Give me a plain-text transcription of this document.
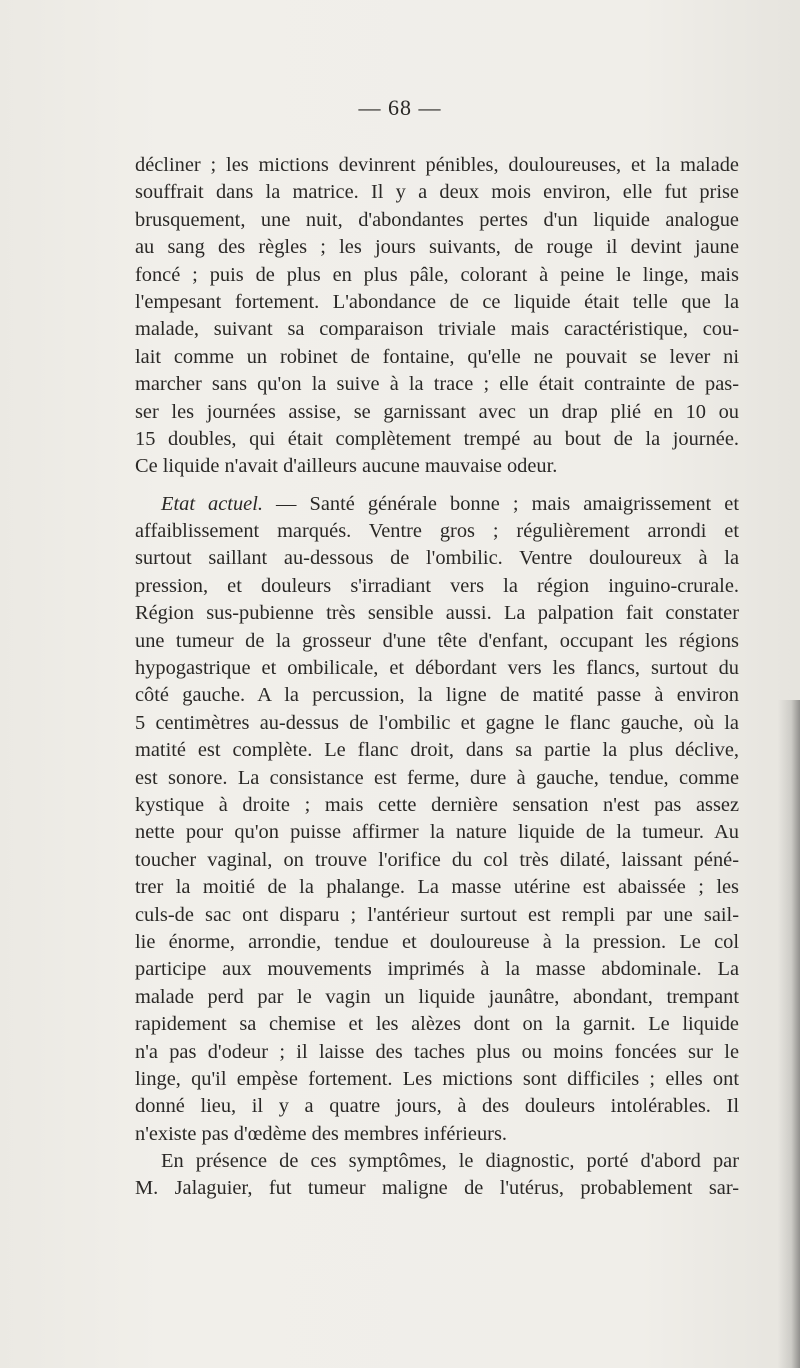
— 68 —
décliner ; les mictions devinrent pénibles, douloureuses, et la malade
souffrait dans la matrice. Il y a deux mois environ, elle fut prise
brusquement, une nuit, d'abondantes pertes d'un liquide analogue
au sang des règles ; les jours suivants, de rouge il devint jaune
foncé ; puis de plus en plus pâle, colorant à peine le linge, mais
l'empesant fortement. L'abondance de ce liquide était telle que la
malade, suivant sa comparaison triviale mais caractéristique, cou-
lait comme un robinet de fontaine, qu'elle ne pouvait se lever ni
marcher sans qu'on la suive à la trace ; elle était contrainte de pas-
ser les journées assise, se garnissant avec un drap plié en 10 ou
15 doubles, qui était complètement trempé au bout de la journée.
Ce liquide n'avait d'ailleurs aucune mauvaise odeur.
Etat actuel. — Santé générale bonne ; mais amaigrissement et
affaiblissement marqués. Ventre gros ; régulièrement arrondi et
surtout saillant au-dessous de l'ombilic. Ventre douloureux à la
pression, et douleurs s'irradiant vers la région inguino-crurale.
Région sus-pubienne très sensible aussi. La palpation fait constater
une tumeur de la grosseur d'une tête d'enfant, occupant les régions
hypogastrique et ombilicale, et débordant vers les flancs, surtout du
côté gauche. A la percussion, la ligne de matité passe à environ
5 centimètres au-dessus de l'ombilic et gagne le flanc gauche, où la
matité est complète. Le flanc droit, dans sa partie la plus déclive,
est sonore. La consistance est ferme, dure à gauche, tendue, comme
kystique à droite ; mais cette dernière sensation n'est pas assez
nette pour qu'on puisse affirmer la nature liquide de la tumeur. Au
toucher vaginal, on trouve l'orifice du col très dilaté, laissant péné-
trer la moitié de la phalange. La masse utérine est abaissée ; les
culs-de sac ont disparu ; l'antérieur surtout est rempli par une sail-
lie énorme, arrondie, tendue et douloureuse à la pression. Le col
participe aux mouvements imprimés à la masse abdominale. La
malade perd par le vagin un liquide jaunâtre, abondant, trempant
rapidement sa chemise et les alèzes dont on la garnit. Le liquide
n'a pas d'odeur ; il laisse des taches plus ou moins foncées sur le
linge, qu'il empèse fortement. Les mictions sont difficiles ; elles ont
donné lieu, il y a quatre jours, à des douleurs intolérables. Il
n'existe pas d'œdème des membres inférieurs.
En présence de ces symptômes, le diagnostic, porté d'abord par
M. Jalaguier, fut tumeur maligne de l'utérus, probablement sar-
